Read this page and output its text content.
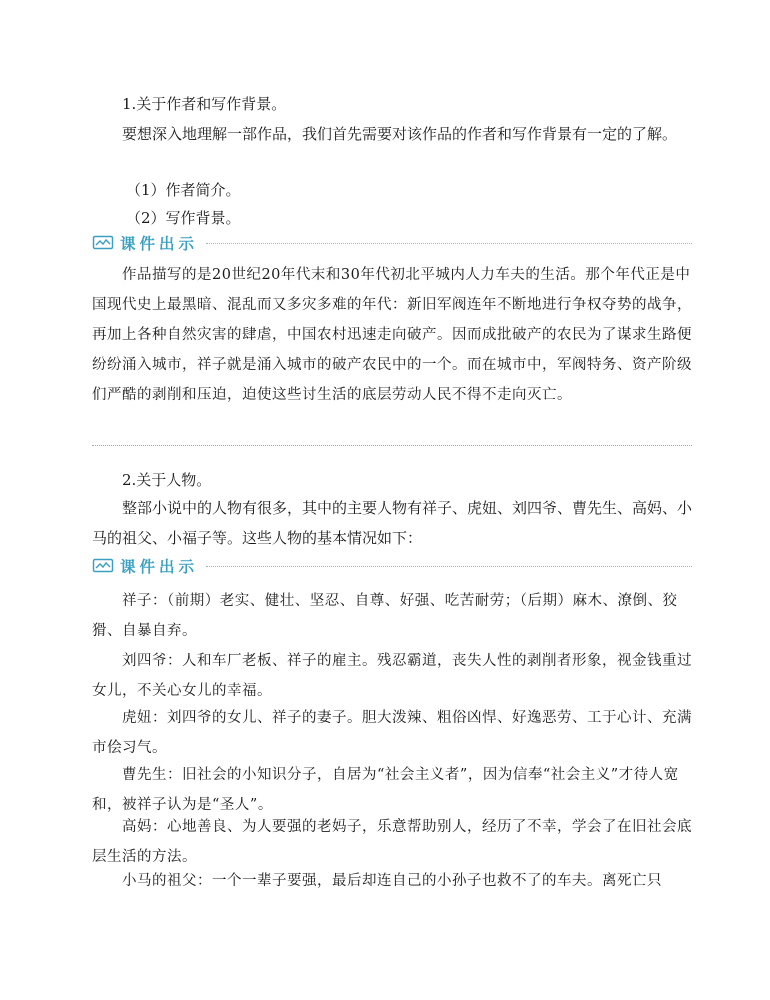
1.关于作者和写作背景。

要想深入地理解一部作品，我们首先需要对该作品的作者和写作背景有一定的了解。

（1）作者简介。

（2）写作背景。

课件出示

作品描写的是20世纪20年代末和30年代初北平城内人力车夫的生活。那个年代正是中国现代史上最黑暗、混乱而又多灾多难的年代：新旧军阀连年不断地进行争权夺势的战争，再加上各种自然灾害的肆虐，中国农村迅速走向破产。因而成批破产的农民为了谋求生路便纷纷涌入城市，祥子就是涌入城市的破产农民中的一个。而在城市中，军阀特务、资产阶级们严酷的剥削和压迫，迫使这些讨生活的底层劳动人民不得不走向灭亡。

2.关于人物。

整部小说中的人物有很多，其中的主要人物有祥子、虎妞、刘四爷、曹先生、高妈、小马的祖父、小福子等。这些人物的基本情况如下：

课件出示

祥子：（前期）老实、健壮、坚忍、自尊、好强、吃苦耐劳；（后期）麻木、潦倒、狡猾、自暴自弃。

刘四爷：人和车厂老板、祥子的雇主。残忍霸道，丧失人性的剥削者形象，视金钱重过女儿，不关心女儿的幸福。

虎妞：刘四爷的女儿、祥子的妻子。胆大泼辣、粗俗凶悍、好逸恶劳、工于心计、充满市侩习气。

曹先生：旧社会的小知识分子，自居为“社会主义者”，因为信奉“社会主义”才待人宽和，被祥子认为是“圣人”。

高妈：心地善良、为人要强的老妈子，乐意帮助别人，经历了不幸，学会了在旧社会底层生活的方法。

小马的祖父：一个一辈子要强，最后却连自己的小孙子也救不了的车夫。离死亡只
